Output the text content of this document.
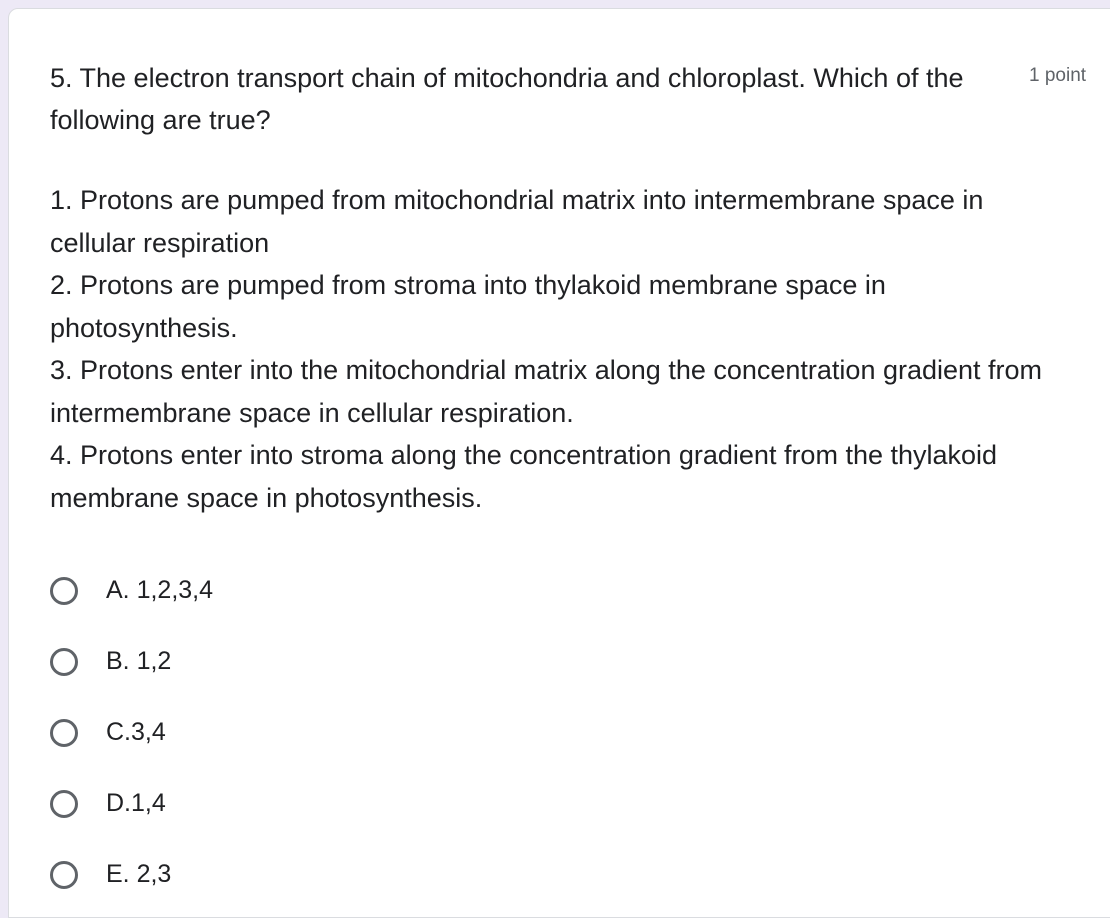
5. The electron transport chain of mitochondria and chloroplast. Which of the following are true?
1 point
1. Protons are pumped from mitochondrial matrix into intermembrane space in cellular respiration
2. Protons are pumped from stroma into thylakoid membrane space in photosynthesis.
3. Protons enter into the mitochondrial matrix along the concentration gradient from intermembrane space in cellular respiration.
4. Protons enter into stroma along the concentration gradient from the thylakoid membrane space in photosynthesis.
A. 1,2,3,4
B. 1,2
C.3,4
D.1,4
E. 2,3
